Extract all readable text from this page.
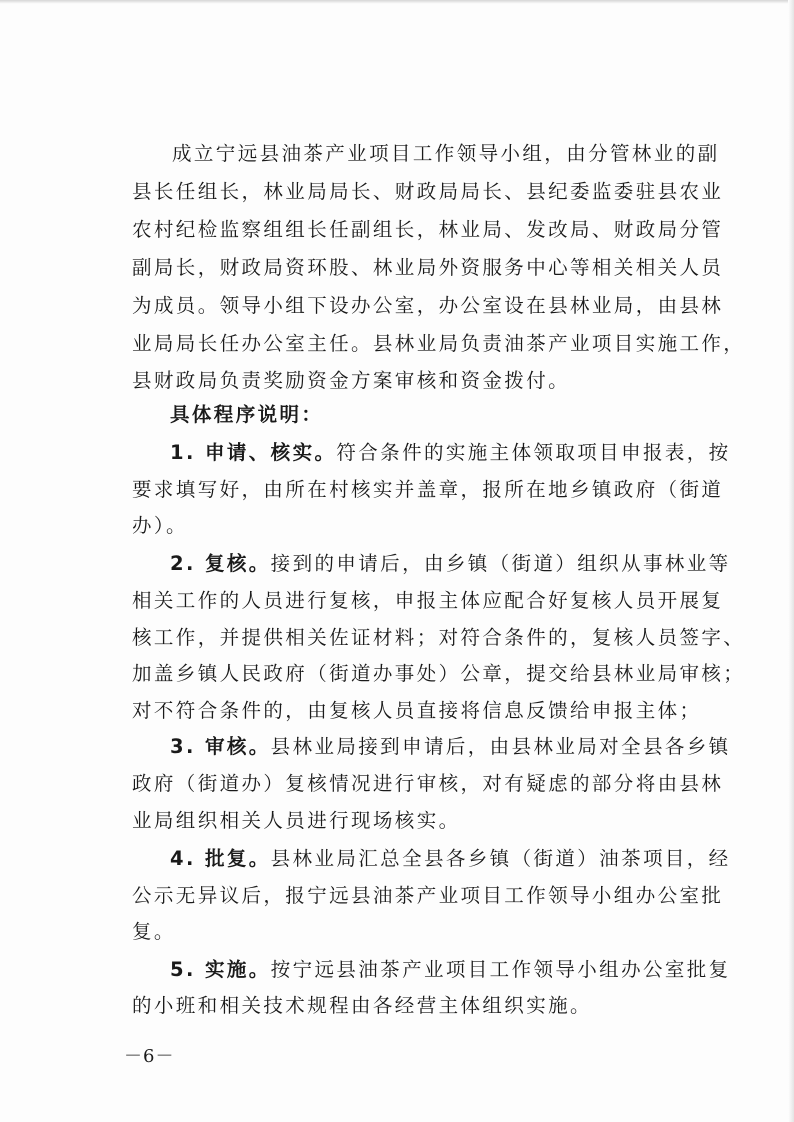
成立宁远县油茶产业项目工作领导小组，由分管林业的副
县长任组长，林业局局长、财政局局长、县纪委监委驻县农业
农村纪检监察组组长任副组长，林业局、发改局、财政局分管
副局长，财政局资环股、林业局外资服务中心等相关相关人员
为成员。领导小组下设办公室，办公室设在县林业局，由县林
业局局长任办公室主任。县林业局负责油茶产业项目实施工作，
县财政局负责奖励资金方案审核和资金拨付。
具体程序说明：
1. 申请、核实。符合条件的实施主体领取项目申报表，按
要求填写好，由所在村核实并盖章，报所在地乡镇政府（街道
办）。
2. 复核。接到的申请后，由乡镇（街道）组织从事林业等
相关工作的人员进行复核，申报主体应配合好复核人员开展复
核工作，并提供相关佐证材料；对符合条件的，复核人员签字、
加盖乡镇人民政府（街道办事处）公章，提交给县林业局审核；
对不符合条件的，由复核人员直接将信息反馈给申报主体；
3. 审核。县林业局接到申请后，由县林业局对全县各乡镇
政府（街道办）复核情况进行审核，对有疑虑的部分将由县林
业局组织相关人员进行现场核实。
4. 批复。县林业局汇总全县各乡镇（街道）油茶项目，经
公示无异议后，报宁远县油茶产业项目工作领导小组办公室批
复。
5. 实施。按宁远县油茶产业项目工作领导小组办公室批复
的小班和相关技术规程由各经营主体组织实施。
－6－
